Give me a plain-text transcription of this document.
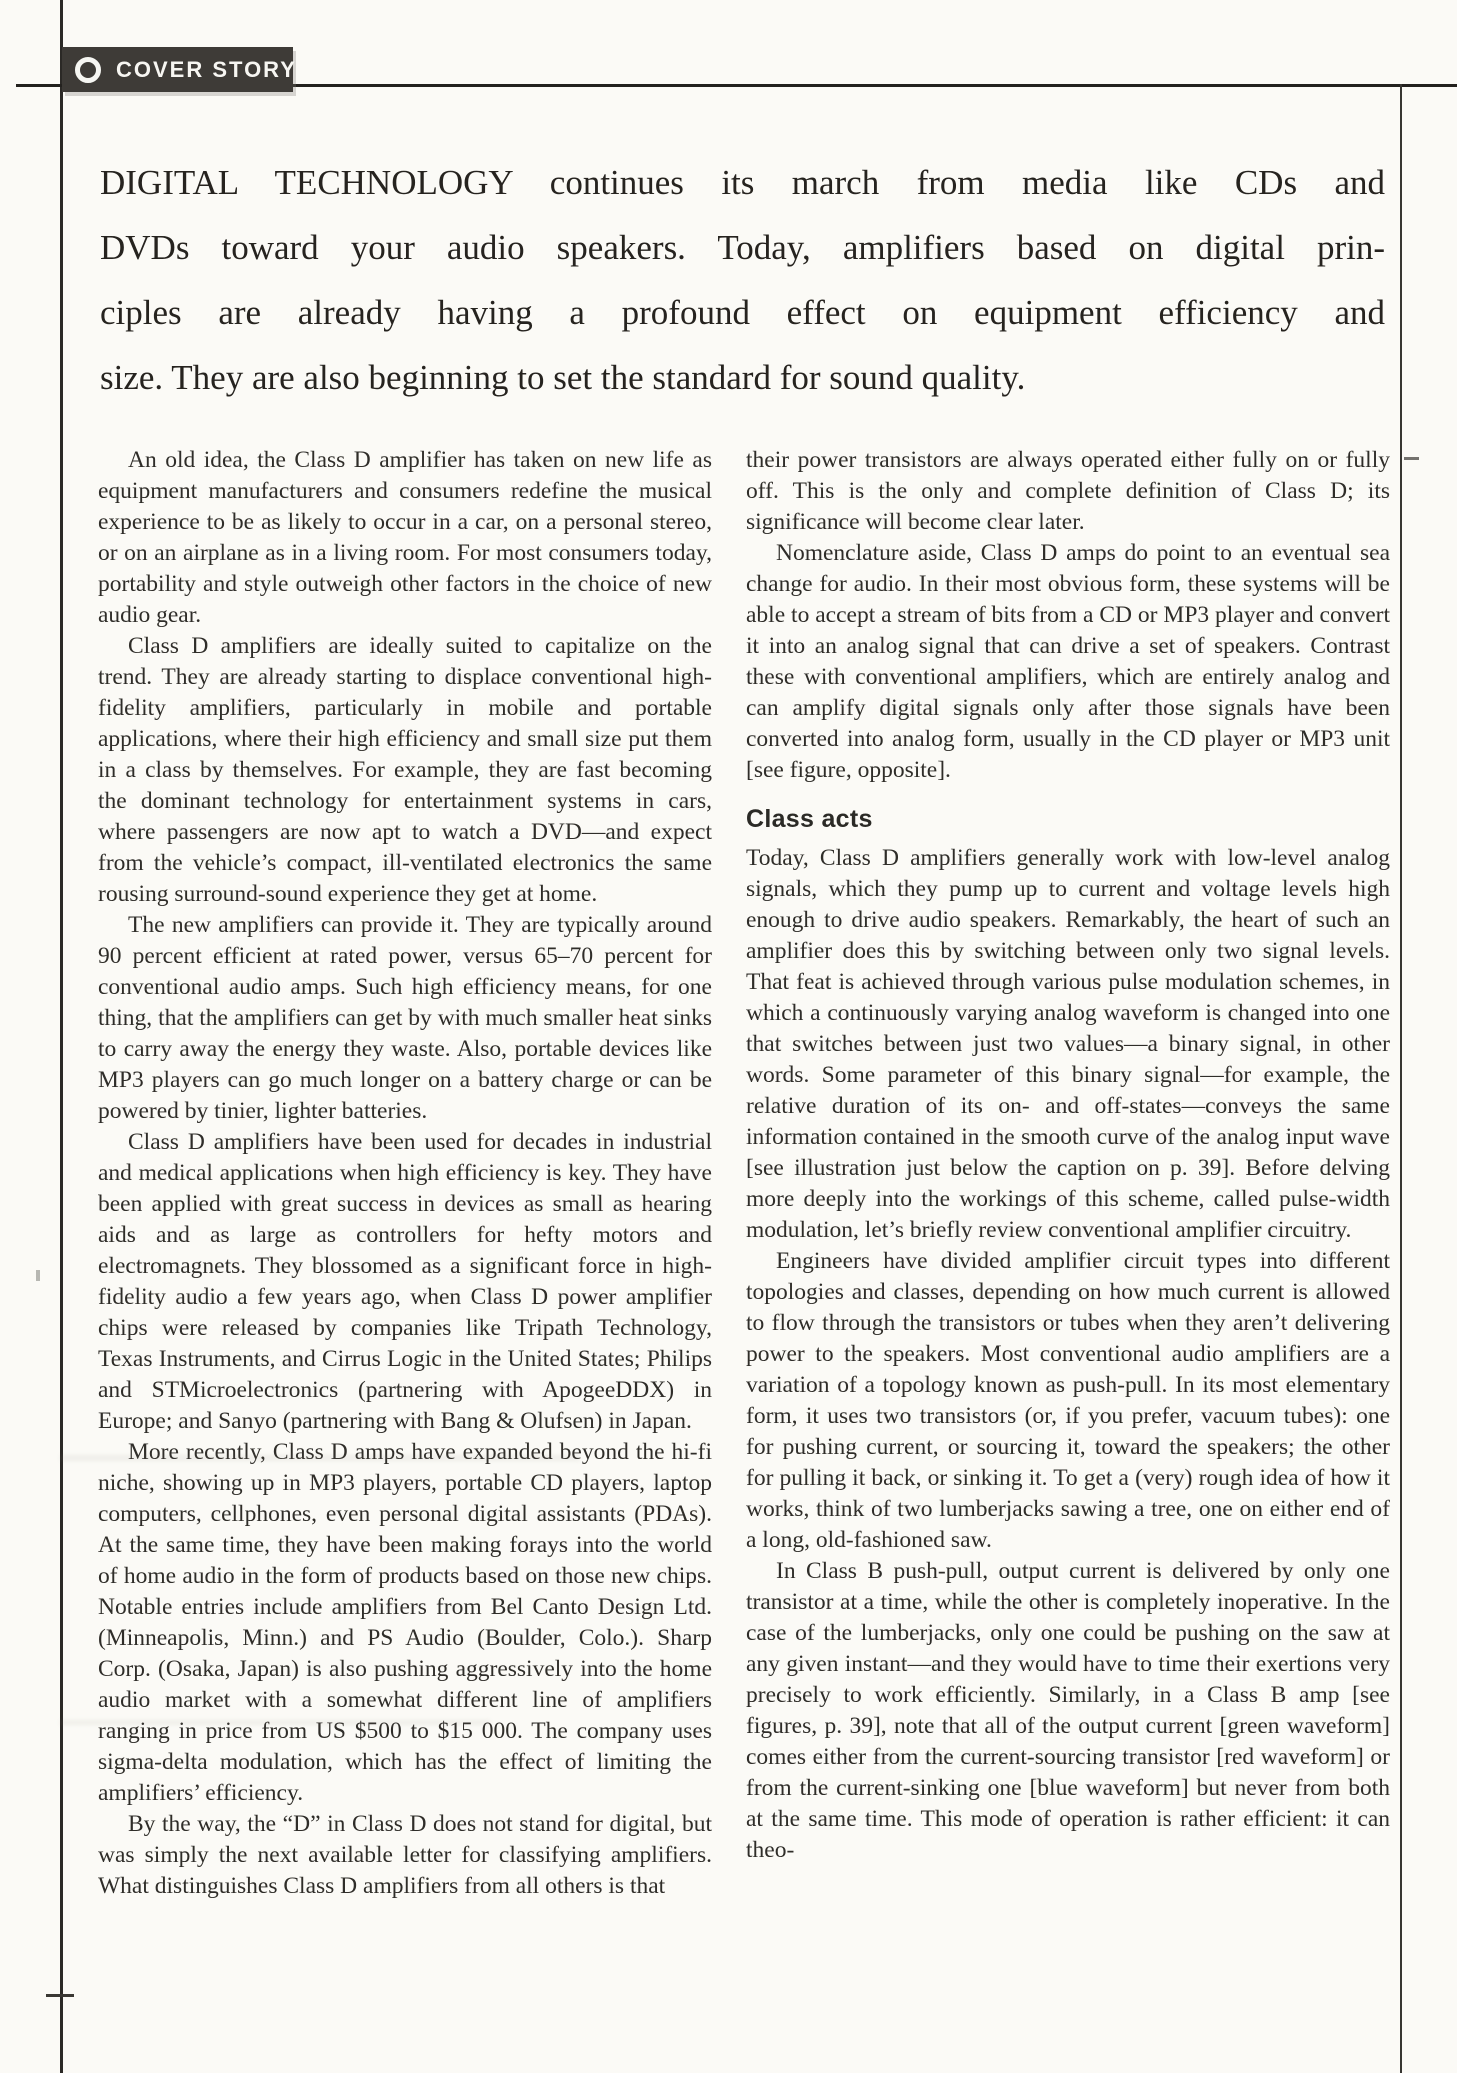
COVER STORY
DIGITAL TECHNOLOGY continues its march from media like CDs and
DVDs toward your audio speakers. Today, amplifiers based on digital prin-
ciples are already having a profound effect on equipment efficiency and
size. They are also beginning to set the standard for sound quality.

An old idea, the Class D amplifier has taken on new life as equipment manufacturers and consumers redefine the musical experience to be as likely to occur in a car, on a personal stereo, or on an airplane as in a living room. For most consumers today, portability and style outweigh other factors in the choice of new audio gear.

Class D amplifiers are ideally suited to capitalize on the trend. They are already starting to displace conventional high-fidelity amplifiers, particularly in mobile and portable applications, where their high efficiency and small size put them in a class by themselves. For example, they are fast becoming the dominant technology for entertainment systems in cars, where passengers are now apt to watch a DVD—and expect from the vehicle’s compact, ill-ventilated electronics the same rousing surround-sound experience they get at home.

The new amplifiers can provide it. They are typically around 90 percent efficient at rated power, versus 65–70 percent for conventional audio amps. Such high efficiency means, for one thing, that the amplifiers can get by with much smaller heat sinks to carry away the energy they waste. Also, portable devices like MP3 players can go much longer on a battery charge or can be powered by tinier, lighter batteries.

Class D amplifiers have been used for decades in industrial and medical applications when high efficiency is key. They have been applied with great success in devices as small as hearing aids and as large as controllers for hefty motors and electromagnets. They blossomed as a significant force in high-fidelity audio a few years ago, when Class D power amplifier chips were released by companies like Tripath Technology, Texas Instruments, and Cirrus Logic in the United States; Philips and STMicroelectronics (partnering with ApogeeDDX) in Europe; and Sanyo (partnering with Bang & Olufsen) in Japan.

More recently, Class D amps have expanded beyond the hi-fi niche, showing up in MP3 players, portable CD players, laptop computers, cellphones, even personal digital assistants (PDAs). At the same time, they have been making forays into the world of home audio in the form of products based on those new chips. Notable entries include amplifiers from Bel Canto Design Ltd. (Minneapolis, Minn.) and PS Audio (Boulder, Colo.). Sharp Corp. (Osaka, Japan) is also pushing aggressively into the home audio market with a somewhat different line of amplifiers ranging in price from US $500 to $15 000. The company uses sigma-delta modulation, which has the effect of limiting the amplifiers’ efficiency.

By the way, the “D” in Class D does not stand for digital, but was simply the next available letter for classifying amplifiers. What distinguishes Class D amplifiers from all others is that

their power transistors are always operated either fully on or fully off. This is the only and complete definition of Class D; its significance will become clear later.

Nomenclature aside, Class D amps do point to an eventual sea change for audio. In their most obvious form, these systems will be able to accept a stream of bits from a CD or MP3 player and convert it into an analog signal that can drive a set of speakers. Contrast these with conventional amplifiers, which are entirely analog and can amplify digital signals only after those signals have been converted into analog form, usually in the CD player or MP3 unit [see figure, opposite].

Class acts

Today, Class D amplifiers generally work with low-level analog signals, which they pump up to current and voltage levels high enough to drive audio speakers. Remarkably, the heart of such an amplifier does this by switching between only two signal levels. That feat is achieved through various pulse modulation schemes, in which a continuously varying analog waveform is changed into one that switches between just two values—a binary signal, in other words. Some parameter of this binary signal—for example, the relative duration of its on- and off-states—conveys the same information contained in the smooth curve of the analog input wave [see illustration just below the caption on p. 39]. Before delving more deeply into the workings of this scheme, called pulse-width modulation, let’s briefly review conventional amplifier circuitry.

Engineers have divided amplifier circuit types into different topologies and classes, depending on how much current is allowed to flow through the transistors or tubes when they aren’t delivering power to the speakers. Most conventional audio amplifiers are a variation of a topology known as push-pull. In its most elementary form, it uses two transistors (or, if you prefer, vacuum tubes): one for pushing current, or sourcing it, toward the speakers; the other for pulling it back, or sinking it. To get a (very) rough idea of how it works, think of two lumberjacks sawing a tree, one on either end of a long, old-fashioned saw.

In Class B push-pull, output current is delivered by only one transistor at a time, while the other is completely inoperative. In the case of the lumberjacks, only one could be pushing on the saw at any given instant—and they would have to time their exertions very precisely to work efficiently. Similarly, in a Class B amp [see figures, p. 39], note that all of the output current [green waveform] comes either from the current-sourcing transistor [red waveform] or from the current-sinking one [blue waveform] but never from both at the same time. This mode of operation is rather efficient: it can theo-
